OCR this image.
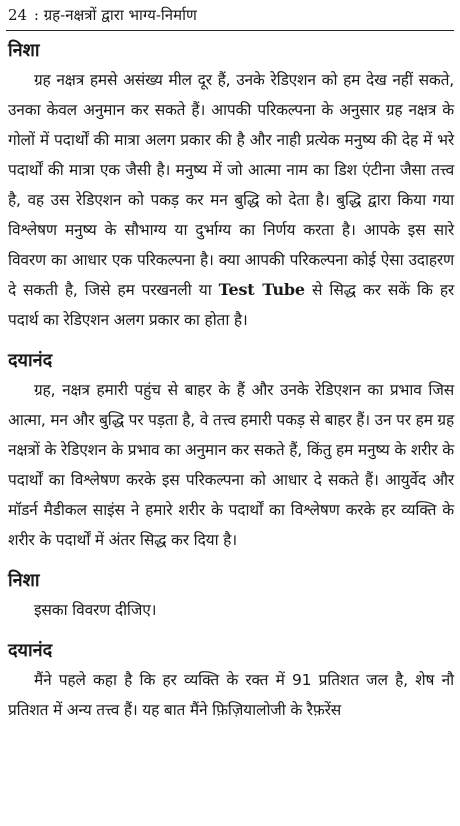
24 : ग्रह-नक्षत्रों द्वारा भाग्य-निर्माण
निशा

ग्रह नक्षत्र हमसे असंख्य मील दूर हैं, उनके रेडिएशन को हम देख नहीं सकते, उनका केवल अनुमान कर सकते हैं। आपकी परिकल्पना के अनुसार ग्रह नक्षत्र के गोलों में पदार्थों की मात्रा अलग प्रकार की है और नाही प्रत्येक मनुष्य की देह में भरे पदार्थों की मात्रा एक जैसी है। मनुष्य में जो आत्मा नाम का डिश एंटीना जैसा तत्त्व है, वह उस रेडिएशन को पकड़ कर मन बुद्धि को देता है। बुद्धि द्वारा किया गया विश्लेषण मनुष्य के सौभाग्य या दुर्भाग्य का निर्णय करता है। आपके इस सारे विवरण का आधार एक परिकल्पना है। क्या आपकी परिकल्पना कोई ऐसा उदाहरण दे सकती है, जिसे हम परखनली या Test Tube से सिद्ध कर सकें कि हर पदार्थ का रेडिएशन अलग प्रकार का होता है।

दयानंद

ग्रह, नक्षत्र हमारी पहुंच से बाहर के हैं और उनके रेडिएशन का प्रभाव जिस आत्मा, मन और बुद्धि पर पड़ता है, वे तत्त्व हमारी पकड़ से बाहर हैं। उन पर हम ग्रह नक्षत्रों के रेडिएशन के प्रभाव का अनुमान कर सकते हैं, किंतु हम मनुष्य के शरीर के पदार्थों का विश्लेषण करके इस परिकल्पना को आधार दे सकते हैं। आयुर्वेद और मॉडर्न मैडीकल साइंस ने हमारे शरीर के पदार्थों का विश्लेषण करके हर व्यक्ति के शरीर के पदार्थों में अंतर सिद्ध कर दिया है।

निशा

इसका विवरण दीजिए।

दयानंद

मैंने पहले कहा है कि हर व्यक्ति के रक्त में 91 प्रतिशत जल है, शेष नौ प्रतिशत में अन्य तत्त्व हैं। यह बात मैंने फ़िज़ियालोजी के रैफ़रेंस
